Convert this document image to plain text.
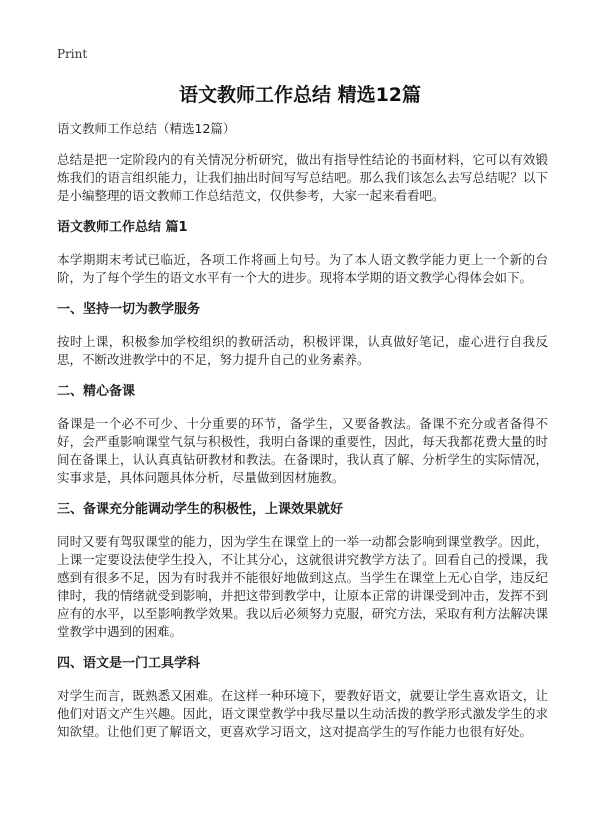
Print
语文教师工作总结 精选12篇
语文教师工作总结（精选12篇）

总结是把一定阶段内的有关情况分析研究，做出有指导性结论的书面材料，它可以有效锻炼我们的语言组织能力，让我们抽出时间写写总结吧。那么我们该怎么去写总结呢？以下是小编整理的语文教师工作总结范文，仅供参考，大家一起来看看吧。

语文教师工作总结 篇1

本学期期末考试已临近，各项工作将画上句号。为了本人语文教学能力更上一个新的台阶，为了每个学生的语文水平有一个大的进步。现将本学期的语文教学心得体会如下。

一、坚持一切为教学服务

按时上课，积极参加学校组织的教研活动，积极评课，认真做好笔记，虚心进行自我反思，不断改进教学中的不足，努力提升自己的业务素养。

二、精心备课

备课是一个必不可少、十分重要的环节，备学生，又要备教法。备课不充分或者备得不好，会严重影响课堂气氛与积极性，我明白备课的重要性，因此，每天我都花费大量的时间在备课上，认认真真钻研教材和教法。在备课时，我认真了解、分析学生的实际情况，实事求是，具体问题具体分析，尽量做到因材施教。

三、备课充分能调动学生的积极性，上课效果就好

同时又要有驾驭课堂的能力，因为学生在课堂上的一举一动都会影响到课堂教学。因此，上课一定要设法使学生投入，不让其分心，这就很讲究教学方法了。回看自己的授课，我感到有很多不足，因为有时我并不能很好地做到这点。当学生在课堂上无心自学，违反纪律时，我的情绪就受到影响，并把这带到教学中，让原本正常的讲课受到冲击，发挥不到应有的水平，以至影响教学效果。我以后必须努力克服，研究方法，采取有利方法解决课堂教学中遇到的困难。

四、语文是一门工具学科

对学生而言，既熟悉又困难。在这样一种环境下，要教好语文，就要让学生喜欢语文，让他们对语文产生兴趣。因此，语文课堂教学中我尽量以生动活拨的教学形式激发学生的求知欲望。让他们更了解语文，更喜欢学习语文，这对提高学生的写作能力也很有好处。
